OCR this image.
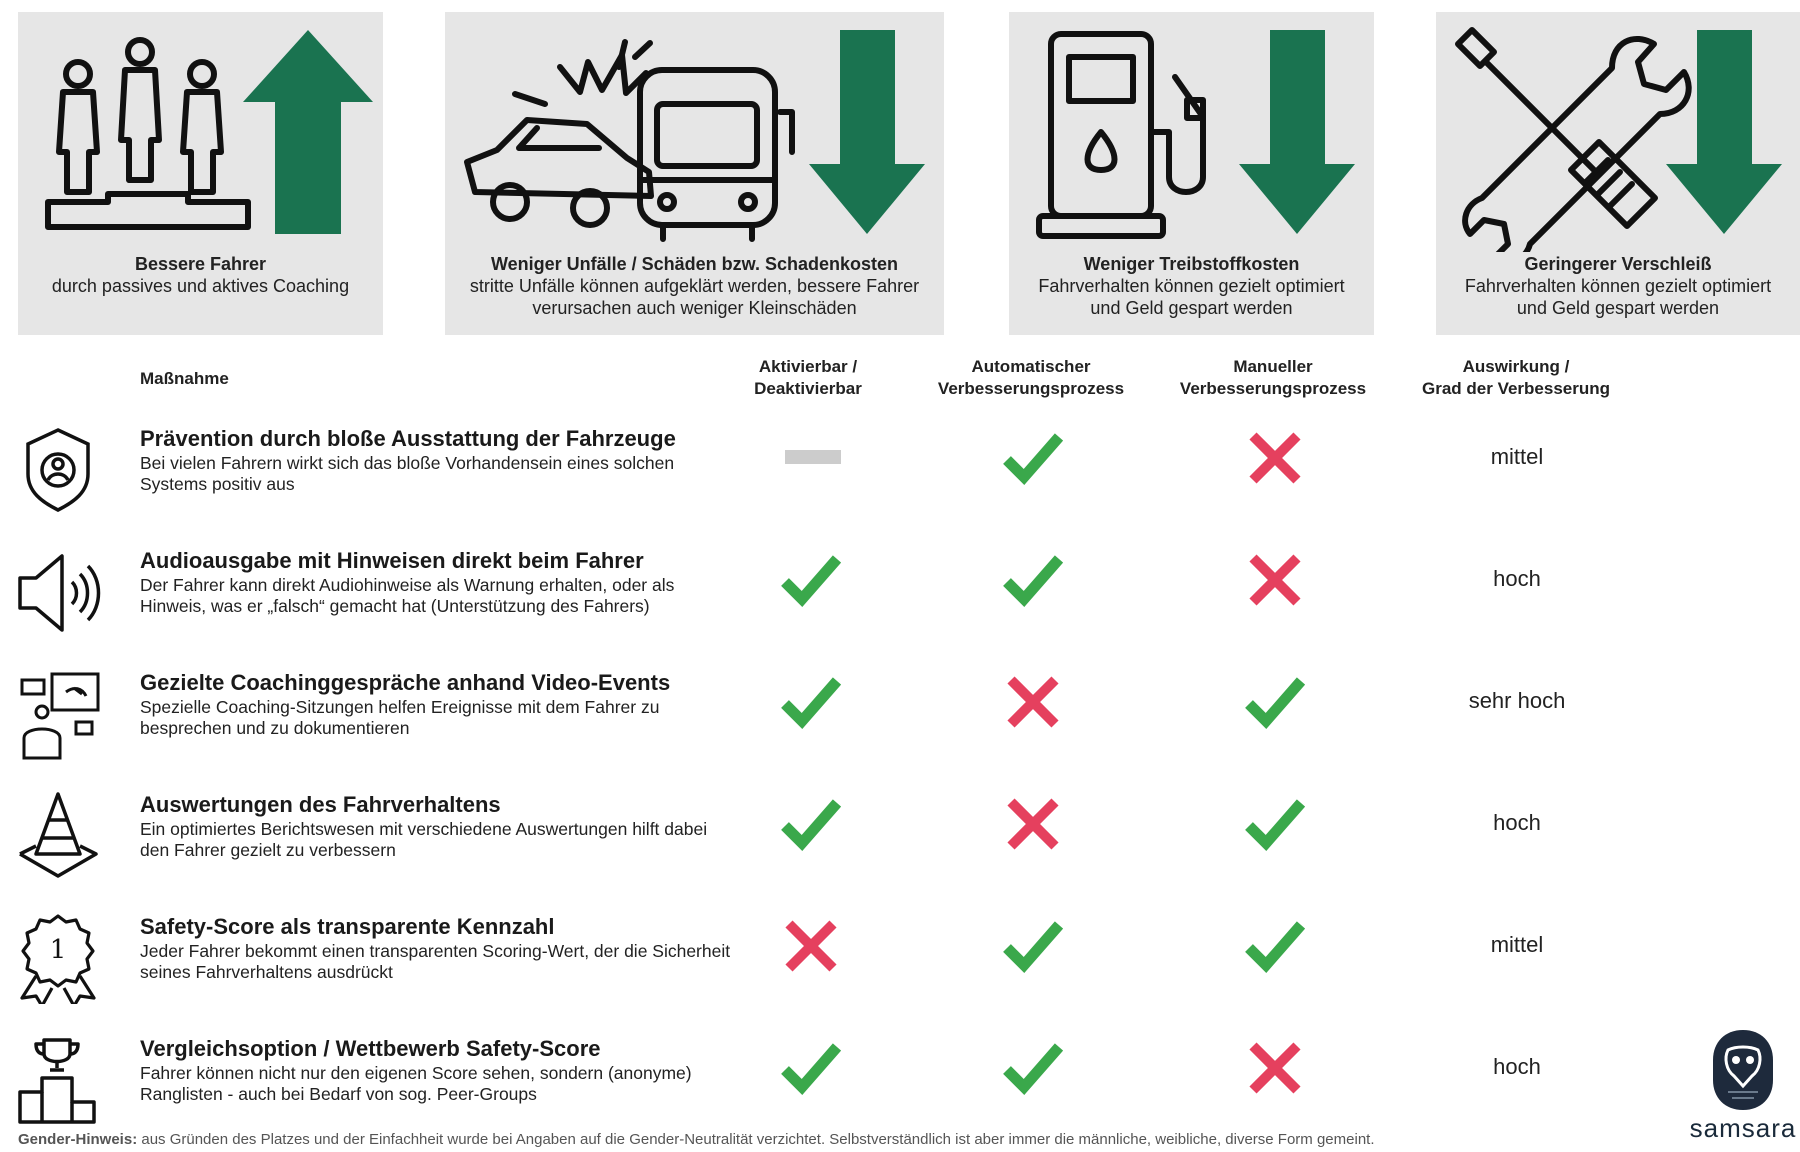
Bessere Fahrer
durch passives und aktives Coaching
Weniger Unfälle / Schäden bzw. Schadenkosten
stritte Unfälle können aufgeklärt werden, bessere Fahrer
verursachen auch weniger Kleinschäden
Weniger Treibstoffkosten
Fahrverhalten können gezielt optimiert
und Geld gespart werden
Geringerer Verschleiß
Fahrverhalten können gezielt optimiert
und Geld gespart werden
Maßnahme
Aktivierbar /
Deaktivierbar
Automatischer
Verbesserungsprozess
Manueller
Verbesserungsprozess
Auswirkung /
Grad der Verbesserung
Prävention durch bloße Ausstattung der Fahrzeuge
Bei vielen Fahrern wirkt sich das bloße Vorhandensein eines solchen Systems positiv aus
mittel
Audioausgabe mit Hinweisen direkt beim Fahrer
Der Fahrer kann direkt Audiohinweise als Warnung erhalten, oder als Hinweis, was er „falsch“ gemacht hat (Unterstützung des Fahrers)
hoch
Gezielte Coachinggespräche anhand Video-Events
Spezielle Coaching-Sitzungen helfen Ereignisse mit dem Fahrer zu besprechen und zu dokumentieren
sehr hoch
Auswertungen des Fahrverhaltens
Ein optimiertes Berichtswesen mit verschiedene Auswertungen hilft dabei den Fahrer gezielt zu verbessern
hoch
1
Safety-Score als transparente Kennzahl
Jeder Fahrer bekommt einen transparenten Scoring-Wert, der die Sicherheit seines Fahrverhaltens ausdrückt
mittel
Vergleichsoption / Wettbewerb Safety-Score
Fahrer können nicht nur den eigenen Score sehen, sondern (anonyme) Ranglisten - auch bei Bedarf von sog. Peer-Groups
hoch
Gender-Hinweis: aus Gründen des Platzes und der Einfachheit wurde bei Angaben auf die Gender-Neutralität verzichtet. Selbstverständlich ist aber immer die männliche, weibliche, diverse Form gemeint.	samsara
